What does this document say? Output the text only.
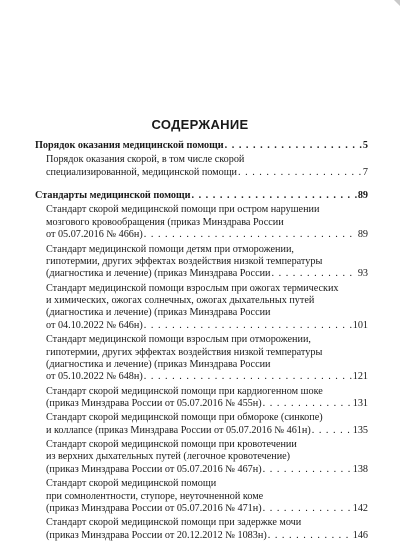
СОДЕРЖАНИЕ
Порядок оказания медицинской помощи . . .	5
Порядок оказания скорой, в том числе скорой
специализированной, медицинской помощи . . .	7
Стандарты медицинской помощи . . .	89
Стандарт скорой медицинской помощи при остром нарушении
мозгового кровообращения (приказ Минздрава России
от 05.07.2016 № 466н) . . .	89
Стандарт медицинской помощи детям при отморожении,
гипотермии, других эффектах воздействия низкой температуры
(диагностика и лечение) (приказ Минздрава России . . .	93
Стандарт медицинской помощи взрослым при ожогах термических
и химических, ожогах солнечных, ожогах дыхательных путей
(диагностика и лечение) (приказ Минздрава России
от 04.10.2022 № 646н) . . .	101
Стандарт медицинской помощи взрослым при отморожении,
гипотермии, других эффектах воздействия низкой температуры
(диагностика и лечение) (приказ Минздрава России
от 05.10.2022 № 648н) . . .	121
Стандарт скорой медицинской помощи при кардиогенном шоке
(приказ Минздрава России от 05.07.2016 № 455н) . . .	131
Стандарт скорой медицинской помощи при обмороке (синкопе)
и коллапсе (приказ Минздрава России от 05.07.2016 № 461н) . . .	135
Стандарт скорой медицинской помощи при кровотечении
из верхних дыхательных путей (легочное кровотечение)
(приказ Минздрава России от 05.07.2016 № 467н) . . .	138
Стандарт скорой медицинской помощи
при сомнолентности, ступоре, неуточненной коме
(приказ Минздрава России от 05.07.2016 № 471н) . . .	142
Стандарт скорой медицинской помощи при задержке мочи
(приказ Минздрава России от 20.12.2012 № 1083н) . . .	146
